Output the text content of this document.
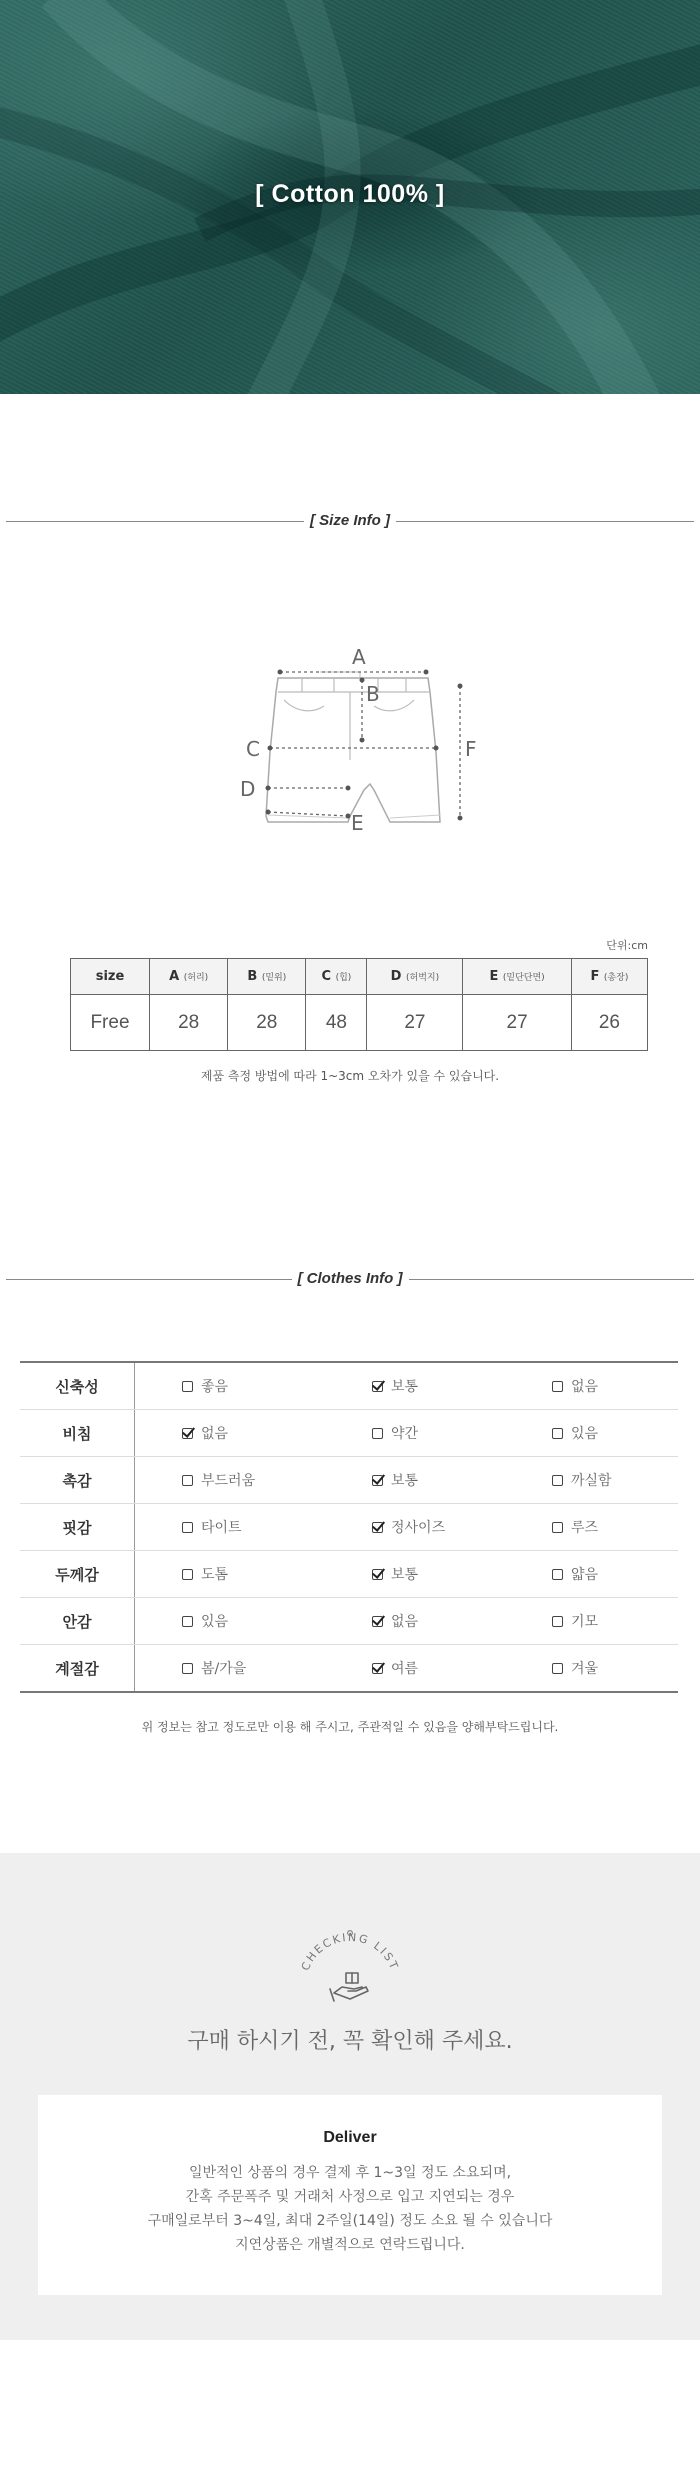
[ Cotton 100% ]
[ Size Info ]
A
B
C
D
E
F
단위:cm
size	A (허리)	B (밑위)	C (힙)	D (허벅지)	E (밑단단면)	F (총장)
Free	28	28	48	27	27	26
제품 측정 방법에 따라 1~3cm 오차가 있을 수 있습니다.
[ Clothes Info ]
신축성	좋음	보통	없음
비침	없음	약간	있음
촉감	부드러움	보통	까실함
핏감	타이트	정사이즈	루즈
두께감	도톰	보통	얇음
안감	있음	없음	기모
계절감	봄/가을	여름	겨울
위 정보는 참고 정도로만 이용 해 주시고, 주관적일 수 있음을 양해부탁드립니다.
CHECKING LIST
구매 하시기 전, 꼭 확인해 주세요.
Deliver

일반적인 상품의 경우 결제 후 1~3일 정도 소요되며,
간혹 주문폭주 및 거래처 사정으로 입고 지연되는 경우
구매일로부터 3~4일, 최대 2주일(14일) 정도 소요 될 수 있습니다
지연상품은 개별적으로 연락드립니다.
